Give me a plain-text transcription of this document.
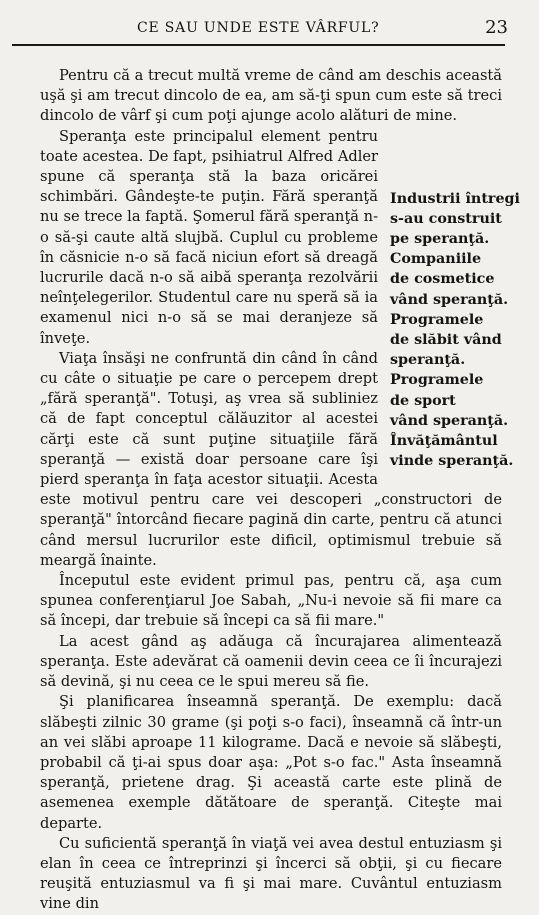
CE SAU UNDE ESTE VÂRFUL?	23

Pentru că a trecut multă vreme de când am deschis această uşă şi am trecut dincolo de ea, am să-ţi spun cum este să treci dincolo de vârf şi cum poţi ajunge acolo alături de mine.

Industrii întregi
s-au construit
pe speranţă.
Companiile
de cosmetice
vând speranţă.
Programele
de slăbit vând
speranţă.
Programele
de sport
vând speranţă.
Învăţământul
vinde speranţă.
Speranţa este principalul element pentru toate acestea. De fapt, psihiatrul Alfred Adler spune că speranţa stă la baza oricărei schimbări. Gândeşte-te puţin. Fără speranţă nu se trece la faptă. Şomerul fără speranţă n-o să-şi caute altă slujbă. Cuplul cu probleme în căsnicie n-o să facă niciun efort să dreagă lucrurile dacă n-o să aibă speranţa rezolvării neînţelegerilor. Studentul care nu speră să ia examenul nici n-o să se mai deranjeze să înveţe.

Viaţa însăşi ne confruntă din când în când cu câte o situaţie pe care o percepem drept „fără speranţă". Totuşi, aş vrea să subliniez că de fapt conceptul călăuzitor al acestei cărţi este că sunt puţine situaţiile fără speranţă — există doar persoane care îşi pierd speranţa în faţa acestor situaţii. Acesta este motivul pentru care vei descoperi „constructori de speranţă" întorcând fiecare pagină din carte, pentru că atunci când mersul lucrurilor este dificil, optimismul trebuie să meargă înainte.

Începutul este evident primul pas, pentru că, aşa cum spunea conferenţiarul Joe Sabah, „Nu-i nevoie să fii mare ca să începi, dar trebuie să începi ca să fii mare."

La acest gând aş adăuga că încurajarea alimentează speranţa. Este adevărat că oamenii devin ceea ce îi încurajezi să devină, şi nu ceea ce le spui mereu să fie.

Şi planificarea înseamnă speranţă. De exemplu: dacă slăbeşti zilnic 30 grame (şi poţi s-o faci), înseamnă că într-un an vei slăbi aproape 11 kilograme. Dacă e nevoie să slăbeşti, probabil că ţi-ai spus doar aşa: „Pot s-o fac." Asta înseamnă speranţă, prietene drag. Şi această carte este plină de asemenea exemple dătătoare de speranţă. Citeşte mai departe.

Cu suficientă speranţă în viaţă vei avea destul entuziasm şi elan în ceea ce întreprinzi şi încerci să obţii, şi cu fiecare reuşită entuziasmul va fi şi mai mare. Cuvântul entuziasm vine din
